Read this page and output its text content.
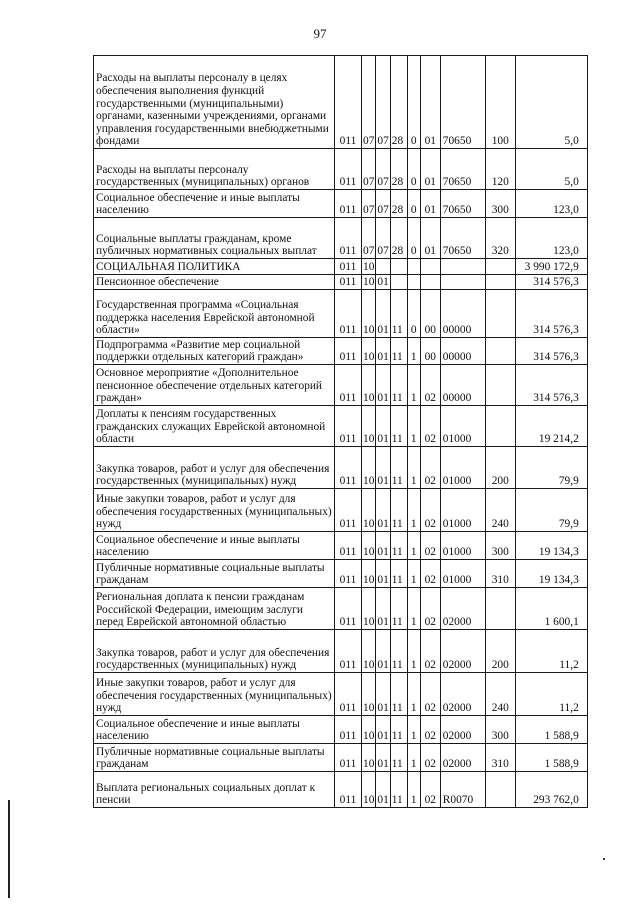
97
Расходы на выплаты персоналу в целях обеспечения выполнения функций государственными (муниципальными) органами, казенными учреждениями, органами управления государственными внебюджетными фондами	011	07	07	28	0	01	70650	100	5,0
Расходы на выплаты персоналу государственных (муниципальных) органов	011	07	07	28	0	01	70650	120	5,0
Социальное обеспечение и иные выплаты населению	011	07	07	28	0	01	70650	300	123,0
Социальные выплаты гражданам, кроме публичных нормативных социальных выплат	011	07	07	28	0	01	70650	320	123,0
СОЦИАЛЬНАЯ ПОЛИТИКА	011	10							3 990 172,9
Пенсионное обеспечение	011	10	01						314 576,3
Государственная программа «Социальная поддержка населения Еврейской автономной области»	011	10	01	11	0	00	00000		314 576,3
Подпрограмма «Развитие мер социальной поддержки отдельных категорий граждан»	011	10	01	11	1	00	00000		314 576,3
Основное мероприятие «Дополнительное пенсионное обеспечение отдельных категорий граждан»	011	10	01	11	1	02	00000		314 576,3
Доплаты к пенсиям государственных гражданских служащих Еврейской автономной области	011	10	01	11	1	02	01000		19 214,2
Закупка товаров, работ и услуг для обеспечения государственных (муниципальных) нужд	011	10	01	11	1	02	01000	200	79,9
Иные закупки товаров, работ и услуг для обеспечения государственных (муниципальных) нужд	011	10	01	11	1	02	01000	240	79,9
Социальное обеспечение и иные выплаты населению	011	10	01	11	1	02	01000	300	19 134,3
Публичные нормативные социальные выплаты гражданам	011	10	01	11	1	02	01000	310	19 134,3
Региональная доплата к пенсии гражданам Российской Федерации, имеющим заслуги перед Еврейской автономной областью	011	10	01	11	1	02	02000		1 600,1
Закупка товаров, работ и услуг для обеспечения государственных (муниципальных) нужд	011	10	01	11	1	02	02000	200	11,2
Иные закупки товаров, работ и услуг для обеспечения государственных (муниципальных) нужд	011	10	01	11	1	02	02000	240	11,2
Социальное обеспечение и иные выплаты населению	011	10	01	11	1	02	02000	300	1 588,9
Публичные нормативные социальные выплаты гражданам	011	10	01	11	1	02	02000	310	1 588,9
Выплата региональных социальных доплат к пенсии	011	10	01	11	1	02	R0070		293 762,0
